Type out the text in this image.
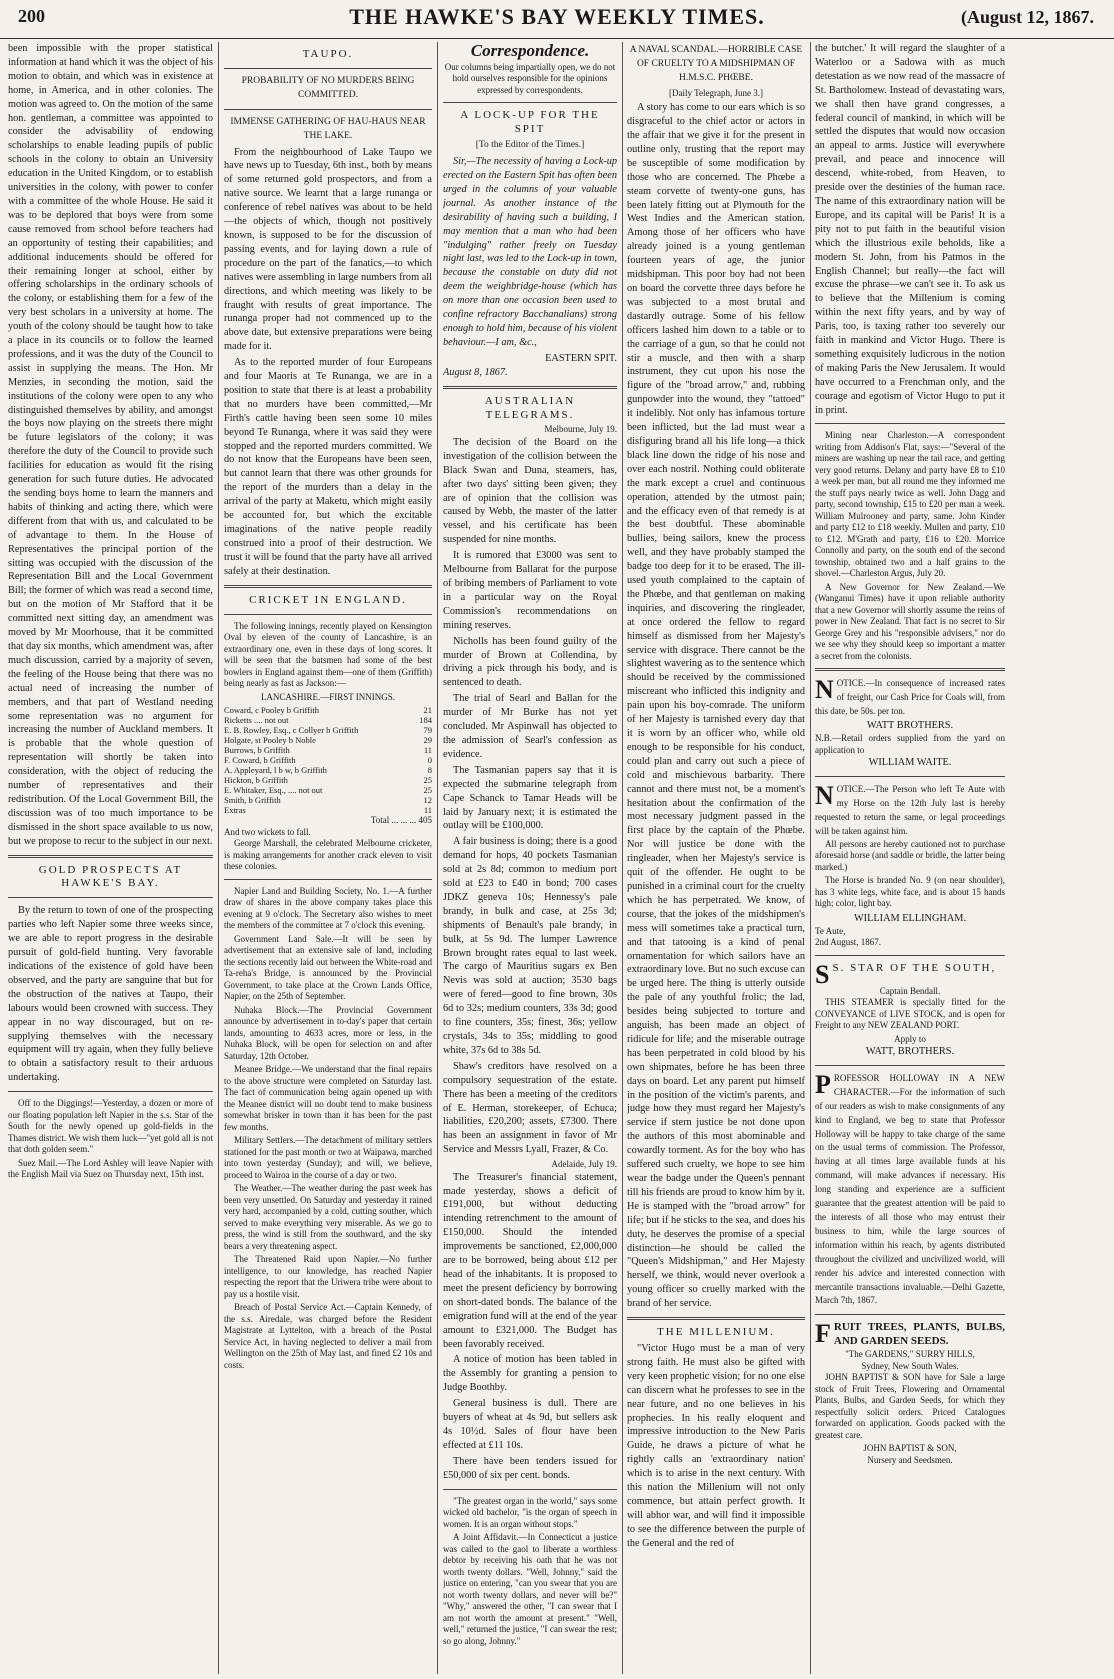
200	THE HAWKE'S BAY WEEKLY TIMES.	(August 12, 1867.

been impossible with the proper statistical information at hand which it was the object of his motion to obtain, and which was in existence at home, in America, and in other colonies. The motion was agreed to. On the motion of the same hon. gentleman, a committee was appointed to consider the advisability of endowing scholarships to enable leading pupils of public schools in the colony to obtain an University education in the United Kingdom, or to establish universities in the colony, with power to confer with a committee of the whole House. He said it was to be deplored that boys were from some cause removed from school before teachers had an opportunity of testing their capabilities; and additional inducements should be offered for their remaining longer at school, either by offering scholarships in the ordinary schools of the colony, or establishing them for a few of the very best scholars in a university at home. The youth of the colony should be taught how to take a place in its councils or to follow the learned professions, and it was the duty of the Council to assist in supplying the means. The Hon. Mr Menzies, in seconding the motion, said the institutions of the colony were open to any who distinguished themselves by ability, and amongst the boys now playing on the streets there might be future legislators of the colony; it was therefore the duty of the Council to provide such facilities for education as would fit the rising generation for such future duties. He advocated the sending boys home to learn the manners and habits of thinking and acting there, which were different from that with us, and calculated to be of advantage to them. In the House of Representatives the principal portion of the sitting was occupied with the discussion of the Representation Bill and the Local Government Bill; the former of which was read a second time, but on the motion of Mr Stafford that it be committed next sitting day, an amendment was moved by Mr Moorhouse, that it be committed that day six months, which amendment was, after much discussion, carried by a majority of seven, the feeling of the House being that there was no actual need of increasing the number of members, and that part of Westland needing some representation was no argument for increasing the number of Auckland members. It is probable that the whole question of representation will shortly be taken into consideration, with the object of reducing the number of representatives and their redistribution. Of the Local Government Bill, the discussion was of too much importance to be dismissed in the short space available to us now, but we propose to recur to the subject in our next.

GOLD PROSPECTS AT HAWKE'S BAY.

By the return to town of one of the prospecting parties who left Napier some three weeks since, we are able to report progress in the desirable pursuit of gold-field hunting. Very favorable indications of the existence of gold have been observed, and the party are sanguine that but for the obstruction of the natives at Taupo, their labours would been crowned with success. They appear in no way discouraged, but on re-supplying themselves with the necessary equipment will try again, when they fully believe to obtain a satisfactory result to their arduous undertaking.

Off to the Diggings!—Yesterday, a dozen or more of our floating population left Napier in the s.s. Star of the South for the newly opened up gold-fields in the Thames district. We wish them luck—"yet gold all is not that doth golden seem."

Suez Mail.—The Lord Ashley will leave Napier with the English Mail via Suez on Thursday next, 15th inst.

TAUPO.
PROBABILITY OF NO MURDERS BEING COMMITTED.
IMMENSE GATHERING OF HAU-HAUS NEAR THE LAKE.

From the neighbourhood of Lake Taupo we have news up to Tuesday, 6th inst., both by means of some returned gold prospectors, and from a native source. We learnt that a large runanga or conference of rebel natives was about to be held—the objects of which, though not positively known, is supposed to be for the discussion of passing events, and for laying down a rule of procedure on the part of the fanatics,—to which natives were assembling in large numbers from all directions, and which meeting was likely to be fraught with results of great importance. The runanga proper had not commenced up to the above date, but extensive preparations were being made for it.

As to the reported murder of four Europeans and four Maoris at Te Runanga, we are in a position to state that there is at least a probability that no murders have been committed,—Mr Firth's cattle having been seen some 10 miles beyond Te Runanga, where it was said they were stopped and the reported murders committed. We do not know that the Europeans have been seen, but cannot learn that there was other grounds for the report of the murders than a delay in the arrival of the party at Maketu, which might easily be accounted for, but which the excitable imaginations of the native people readily construed into a proof of their destruction. We trust it will be found that the party have all arrived safely at their destination.

CRICKET IN ENGLAND.

The following innings, recently played on Kensington Oval by eleven of the county of Lancashire, is an extraordinary one, even in these days of long scores. It will be seen that the batsmen had some of the best bowlers in England against them—one of them (Griffith) being nearly as fast as Jackson:—

LANCASHIRE.—FIRST INNINGS.
Coward, c Pooley b Griffith	21
Ricketts .... not out	184
E. B. Rowley, Esq., c Collyer b Griffith	79
Holgate, st Pooley b Noble	29
Burrows, b Griffith	11
F. Coward, b Griffith	0
A. Appleyard, l b w, b Griffith	8
Hickton, b Griffith	25
E. Whitaker, Esq., .... not out	25
Smith, b Griffith	12
Extras	11
Total ... ... ... 405
And two wickets to fall.

George Marshall, the celebrated Melbourne cricketer, is making arrangements for another crack eleven to visit these colonies.

Napier Land and Building Society, No. 1.—A further draw of shares in the above company takes place this evening at 9 o'clock. The Secretary also wishes to meet the members of the committee at 7 o'clock this evening.

Government Land Sale.—It will be seen by advertisement that an extensive sale of land, including the sections recently laid out between the White-road and Ta-reha's Bridge, is announced by the Provincial Government, to take place at the Crown Lands Office, Napier, on the 25th of September.

Nuhaka Block.—The Provincial Government announce by advertisement in to-day's paper that certain lands, amounting to 4633 acres, more or less, in the Nuhaka Block, will be open for selection on and after Saturday, 12th October.

Meanee Bridge.—We understand that the final repairs to the above structure were completed on Saturday last. The fact of communication being again opened up with the Meanee district will no doubt tend to make business somewhat brisker in town than it has been for the past few months.

Military Settlers.—The detachment of military settlers stationed for the past month or two at Waipawa, marched into town yesterday (Sunday); and will, we believe, proceed to Wairoa in the course of a day or two.

The Weather.—The weather during the past week has been very unsettled. On Saturday and yesterday it rained very hard, accompanied by a cold, cutting souther, which served to make everything very miserable. As we go to press, the wind is still from the southward, and the sky bears a very threatening aspect.

The Threatened Raid upon Napier.—No further intelligence, to our knowledge, has reached Napier respecting the report that the Uriwera tribe were about to pay us a hostile visit.

Breach of Postal Service Act.—Captain Kennedy, of the s.s. Airedale, was charged before the Resident Magistrate at Lyttelton, with a breach of the Postal Service Act, in having neglected to deliver a mail from Wellington on the 25th of May last, and fined £2 10s and costs.

Correspondence.
Our columns being impartially open, we do not hold ourselves responsible for the opinions expressed by correspondents.
A LOCK-UP FOR THE SPIT
[To the Editor of the Times.]

Sir,—The necessity of having a Lock-up erected on the Eastern Spit has often been urged in the columns of your valuable journal. As another instance of the desirability of having such a building, I may mention that a man who had been "indulging" rather freely on Tuesday night last, was led to the Lock-up in town, because the constable on duty did not deem the weighbridge-house (which has on more than one occasion been used to confine refractory Bacchanalians) strong enough to hold him, because of his violent behaviour.—I am, &c.,

EASTERN SPIT.
August 8, 1867.
AUSTRALIAN TELEGRAMS.
Melbourne, July 19.

The decision of the Board on the investigation of the collision between the Black Swan and Duna, steamers, has, after two days' sitting been given; they are of opinion that the collision was caused by Webb, the master of the latter vessel, and his certificate has been suspended for nine months.

It is rumored that £3000 was sent to Melbourne from Ballarat for the purpose of bribing members of Parliament to vote in a particular way on the Royal Commission's recommendations on mining reserves.

Nicholls has been found guilty of the murder of Brown at Collendina, by driving a pick through his body, and is sentenced to death.

The trial of Searl and Ballan for the murder of Mr Burke has not yet concluded. Mr Aspinwall has objected to the admission of Searl's confession as evidence.

The Tasmanian papers say that it is expected the submarine telegraph from Cape Schanck to Tamar Heads will be laid by January next; it is estimated the outlay will be £100,000.

A fair business is doing; there is a good demand for hops, 40 pockets Tasmanian sold at 2s 8d; common to medium port sold at £23 to £40 in bond; 700 cases JDKZ geneva 10s; Hennessy's pale brandy, in bulk and case, at 25s 3d; shipments of Benault's pale brandy, in bulk, at 5s 9d. The lumper Lawrence Brown brought rates equal to last week. The cargo of Mauritius sugars ex Ben Nevis was sold at auction; 3530 bags were of fered—good to fine brown, 30s 6d to 32s; medium counters, 33s 3d; good to fine counters, 35s; finest, 36s; yellow crystals, 34s to 35s; middling to good white, 37s 6d to 38s 5d.

Shaw's creditors have resolved on a compulsory sequestration of the estate. There has been a meeting of the creditors of E. Herman, storekeeper, of Echuca; liabilities, £20,200; assets, £7300. There has been an assignment in favor of Mr Service and Messrs Lyall, Frazer, & Co.

Adelaide, July 19.

The Treasurer's financial statement, made yesterday, shows a deficit of £191,000, but without deducting intending retrenchment to the amount of £150,000. Should the intended improvements be sanctioned, £2,000,000 are to be borrowed, being about £12 per head of the inhabitants. It is proposed to meet the present deficiency by borrowing on short-dated bonds. The balance of the emigration fund will at the end of the year amount to £321,000. The Budget has been favorably received.

A notice of motion has been tabled in the Assembly for granting a pension to Judge Boothby.

General business is dull. There are buyers of wheat at 4s 9d, but sellers ask 4s 10½d. Sales of flour have been effected at £11 10s.

There have been tenders issued for £50,000 of six per cent. bonds.

"The greatest organ in the world," says some wicked old bachelor, "is the organ of speech in women. It is an organ without stops."

A Joint Affidavit.—In Connecticut a justice was called to the gaol to liberate a worthless debtor by receiving his oath that he was not worth twenty dollars. "Well, Johnny," said the justice on entering, "can you swear that you are not worth twenty dollars, and never will be?" "Why," answered the other, "I can swear that I am not worth the amount at present." "Well, well," returned the justice, "I can swear the rest; so go along, Johnny."

A NAVAL SCANDAL.—HORRIBLE CASE OF CRUELTY TO A MIDSHIPMAN OF H.M.S.C. PHŒBE.
[Daily Telegraph, June 3.]

A story has come to our ears which is so disgraceful to the chief actor or actors in the affair that we give it for the present in outline only, trusting that the report may be susceptible of some modification by those who are concerned. The Phœbe a steam corvette of twenty-one guns, has been lately fitting out at Plymouth for the West Indies and the American station. Among those of her officers who have already joined is a young gentleman fourteen years of age, the junior midshipman. This poor boy had not been on board the corvette three days before he was subjected to a most brutal and dastardly outrage. Some of his fellow officers lashed him down to a table or to the carriage of a gun, so that he could not stir a muscle, and then with a sharp instrument, they cut upon his nose the figure of the "broad arrow," and, rubbing gunpowder into the wound, they "tattoed" it indelibly. Not only has infamous torture been inflicted, but the lad must wear a disfiguring brand all his life long—a thick black line down the ridge of his nose and over each nostril. Nothing could obliterate the mark except a cruel and continuous operation, attended by the utmost pain; and the efficacy even of that remedy is at the best doubtful. These abominable bullies, being sailors, knew the process well, and they have probably stamped the badge too deep for it to be erased. The ill-used youth complained to the captain of the Phœbe, and that gentleman on making inquiries, and discovering the ringleader, at once ordered the fellow to regard himself as dismissed from her Majesty's service with disgrace. There cannot be the slightest wavering as to the sentence which should be received by the commissioned miscreant who inflicted this indignity and pain upon his boy-comrade. The uniform of her Majesty is tarnished every day that it is worn by an officer who, while old enough to be responsible for his conduct, could plan and carry out such a piece of cold and mischievous barbarity. There cannot and there must not, be a moment's hesitation about the confirmation of the most necessary judgment passed in the first place by the captain of the Phœbe. Nor will justice be done with the ringleader, when her Majesty's service is quit of the offender. He ought to be punished in a criminal court for the cruelty which he has perpetrated. We know, of course, that the jokes of the midshipmen's mess will sometimes take a practical turn, and that tatooing is a kind of penal ornamentation for which sailors have an extraordinary love. But no such excuse can be urged here. The thing is utterly outside the pale of any youthful frolic; the lad, besides being subjected to torture and anguish, has been made an object of ridicule for life; and the miserable outrage has been perpetrated in cold blood by his own shipmates, before he has been three days on board. Let any parent put himself in the position of the victim's parents, and judge how they must regard her Majesty's service if stern justice be not done upon the authors of this most abominable and cowardly torment. As for the boy who has suffered such cruelty, we hope to see him wear the badge under the Queen's pennant till his friends are proud to know him by it. He is stamped with the "broad arrow" for life; but if he sticks to the sea, and does his duty, he deserves the promise of a special distinction—he should be called the "Queen's Midshipman," and Her Majesty herself, we think, would never overlook a young officer so cruelly marked with the brand of her service.

THE MILLENIUM.

"Victor Hugo must be a man of very strong faith. He must also be gifted with very keen prophetic vision; for no one else can discern what he professes to see in the near future, and no one believes in his prophecies. In his really eloquent and impressive introduction to the New Paris Guide, he draws a picture of what he rightly calls an 'extraordinary nation' which is to arise in the next century. With this nation the Millenium will not only commence, but attain perfect growth. It will abhor war, and will find it impossible to see the difference between the purple of the General and the red of

the butcher.' It will regard the slaughter of a Waterloo or a Sadowa with as much detestation as we now read of the massacre of St. Bartholomew. Instead of devastating wars, we shall then have grand congresses, a federal council of mankind, in which will be settled the disputes that would now occasion an appeal to arms. Justice will everywhere prevail, and peace and innocence will descend, white-robed, from Heaven, to preside over the destinies of the human race. The name of this extraordinary nation will be Europe, and its capital will be Paris! It is a pity not to put faith in the beautiful vision which the illustrious exile beholds, like a modern St. John, from his Patmos in the English Channel; but really—the fact will excuse the phrase—we can't see it. To ask us to believe that the Millenium is coming within the next fifty years, and by way of Paris, too, is taxing rather too severely our faith in mankind and Victor Hugo. There is something exquisitely ludicrous in the notion of making Paris the New Jerusalem. It would have occurred to a Frenchman only, and the courage and egotism of Victor Hugo to put it in print.

Mining near Charleston.—A correspondent writing from Addison's Flat, says:—"Several of the miners are washing up near the tail race, and getting very good returns. Delany and party have £8 to £10 a week per man, but all round me they informed me the stuff pays nearly twice as well. John Dagg and party, second township, £15 to £20 per man a week. William Mulrooney and party, same. John Kinder and party £12 to £18 weekly. Mullen and party, £10 to £12. M'Grath and party, £16 to £20. Morrice Connolly and party, on the south end of the second township, obtained two and a half grains to the shovel.—Charleston Argus, July 20.

A New Governor for New Zealand.—We (Wanganui Times) have it upon reliable authority that a new Governor will shortly assume the reins of power in New Zealand. That fact is no secret to Sir George Grey and his "responsible advisers," nor do we see why they should keep so important a matter a secret from the colonists.

NOTICE.—In consequence of increased rates of freight, our Cash Price for Coals will, from this date, be 50s. per ton.
WATT BROTHERS.
N.B.—Retail orders supplied from the yard on application to
WILLIAM WAITE.
NOTICE.—The Person who left Te Aute with my Horse on the 12th July last is hereby requested to return the same, or legal proceedings will be taken against him.

All persons are hereby cautioned not to purchase aforesaid horse (and saddle or bridle, the latter being marked.)

The Horse is branded No. 9 (on near shoulder), has 3 white legs, white face, and is about 15 hands high; color, light bay.

WILLIAM ELLINGHAM.
Te Aute,
2nd August, 1867.
S S. STAR OF THE SOUTH,
Captain Bendall.

THIS STEAMER is specially fitted for the CONVEYANCE of LIVE STOCK, and is open for Freight to any NEW ZEALAND PORT.

Apply to
WATT, BROTHERS.
PROFESSOR HOLLOWAY IN A NEW CHARACTER.—For the information of such of our readers as wish to make consignments of any kind to England, we beg to state that Professor Holloway will be happy to take charge of the same on the usual terms of commission. The Professor, having at all times large available funds at his command, will make advances if necessary. His long standing and experience are a sufficient guarantee that the greatest attention will be paid to the interests of all those who may entrust their business to him, while the large sources of information within his reach, by agents distributed throughout the civilized and uncivilized world, will render his advice and interested connection with mercantile transactions invaluable.—Delhi Gazette, March 7th, 1867.
FRUIT TREES, PLANTS, BULBS, AND GARDEN SEEDS.
"The GARDENS," SURRY HILLS,
Sydney, New South Wales.

JOHN BAPTIST & SON have for Sale a large stock of Fruit Trees, Flowering and Ornamental Plants, Bulbs, and Garden Seeds, for which they respectfully solicit orders. Priced Catalogues forwarded on application. Goods packed with the greatest care.

JOHN BAPTIST & SON,
Nursery and Seedsmen.
